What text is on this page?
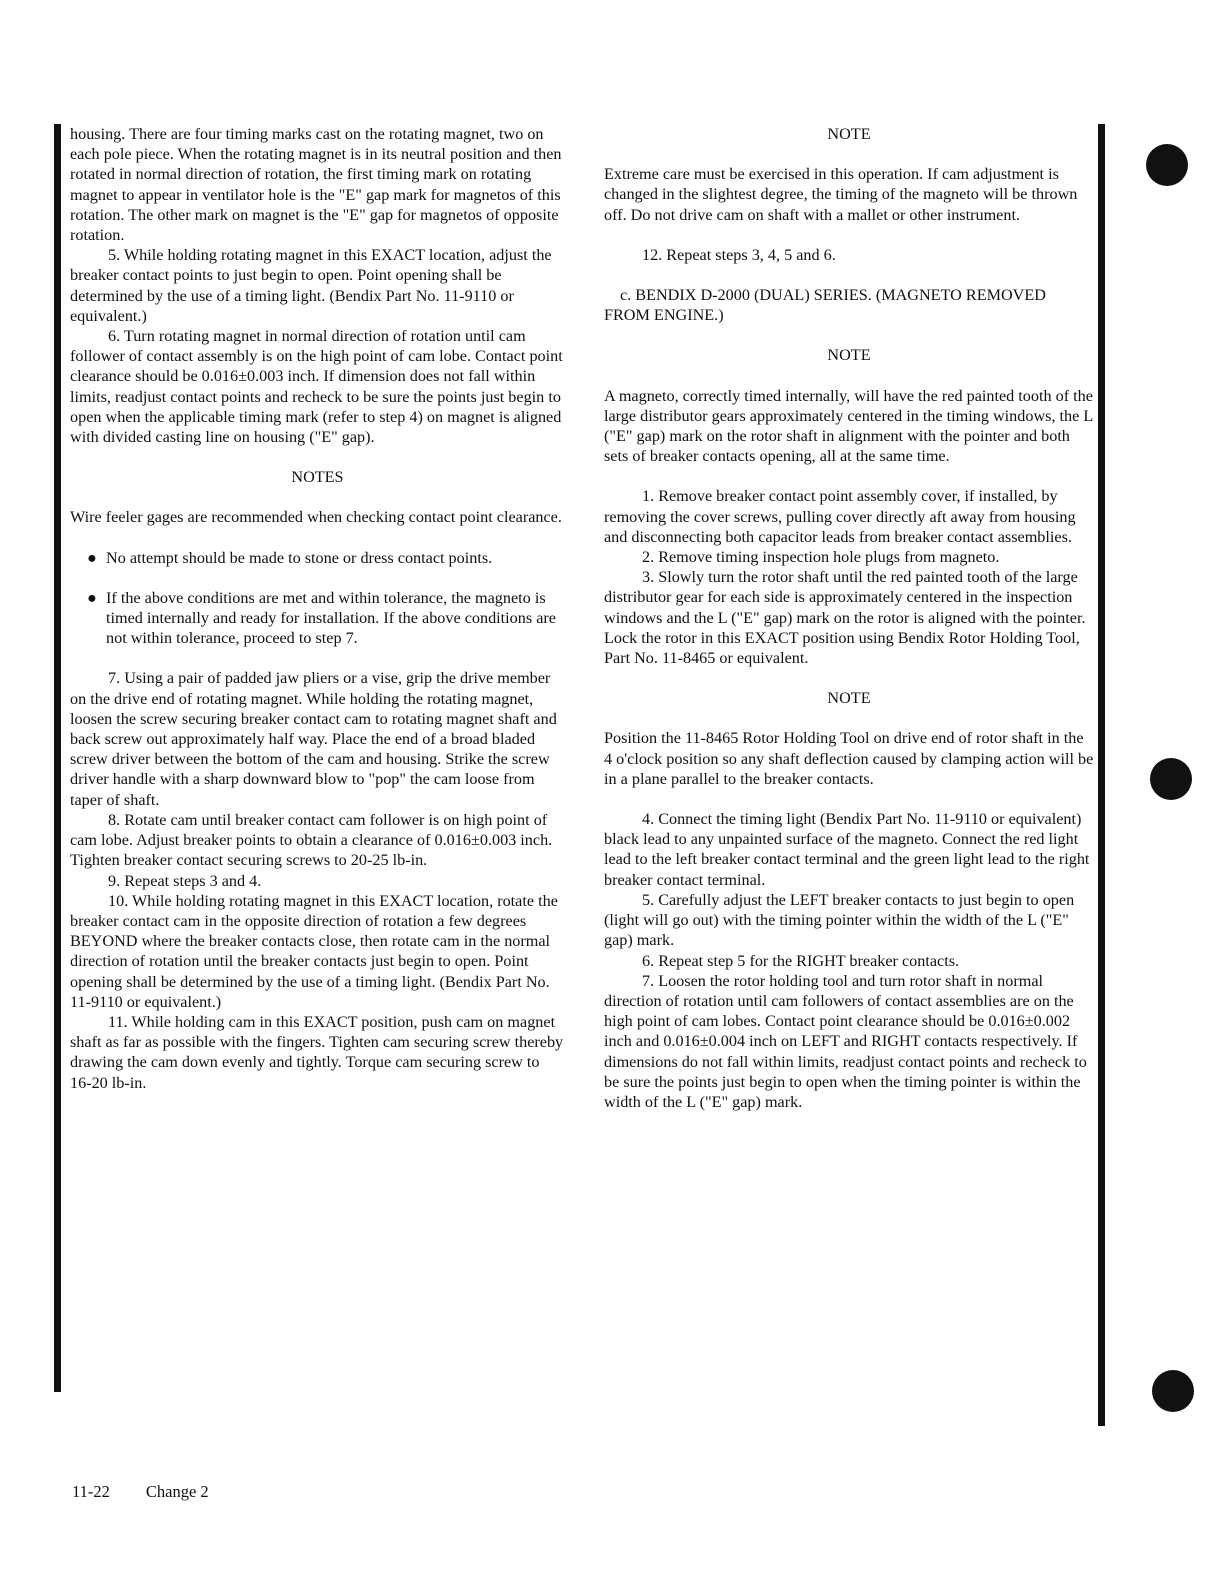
housing. There are four timing marks cast on the rotating magnet, two on each pole piece. When the rotating magnet is in its neutral position and then rotated in normal direction of rotation, the first timing mark on rotating magnet to appear in ventilator hole is the "E" gap mark for magnetos of this rotation. The other mark on magnet is the "E" gap for magnetos of opposite rotation.

5. While holding rotating magnet in this EXACT location, adjust the breaker contact points to just begin to open. Point opening shall be determined by the use of a timing light. (Bendix Part No. 11-9110 or equivalent.)

6. Turn rotating magnet in normal direction of rotation until cam follower of contact assembly is on the high point of cam lobe. Contact point clearance should be 0.016±0.003 inch. If dimension does not fall within limits, readjust contact points and recheck to be sure the points just begin to open when the applicable timing mark (refer to step 4) on magnet is aligned with divided casting line on housing ("E" gap).

NOTES

Wire feeler gages are recommended when checking contact point clearance.

● No attempt should be made to stone or dress contact points.
● If the above conditions are met and within tolerance, the magneto is timed internally and ready for installation. If the above conditions are not within tolerance, proceed to step 7.

7. Using a pair of padded jaw pliers or a vise, grip the drive member on the drive end of rotating magnet. While holding the rotating magnet, loosen the screw securing breaker contact cam to rotating magnet shaft and back screw out approximately half way. Place the end of a broad bladed screw driver between the bottom of the cam and housing. Strike the screw driver handle with a sharp downward blow to "pop" the cam loose from taper of shaft.

8. Rotate cam until breaker contact cam follower is on high point of cam lobe. Adjust breaker points to obtain a clearance of 0.016±0.003 inch. Tighten breaker contact securing screws to 20-25 lb-in.

9. Repeat steps 3 and 4.

10. While holding rotating magnet in this EXACT location, rotate the breaker contact cam in the opposite direction of rotation a few degrees BEYOND where the breaker contacts close, then rotate cam in the normal direction of rotation until the breaker contacts just begin to open. Point opening shall be determined by the use of a timing light. (Bendix Part No. 11-9110 or equivalent.)

11. While holding cam in this EXACT position, push cam on magnet shaft as far as possible with the fingers. Tighten cam securing screw thereby drawing the cam down evenly and tightly. Torque cam securing screw to 16-20 lb-in.

NOTE

Extreme care must be exercised in this operation. If cam adjustment is changed in the slightest degree, the timing of the magneto will be thrown off. Do not drive cam on shaft with a mallet or other instrument.

12. Repeat steps 3, 4, 5 and 6.

c. BENDIX D-2000 (DUAL) SERIES. (MAGNETO REMOVED FROM ENGINE.)

NOTE

A magneto, correctly timed internally, will have the red painted tooth of the large distributor gears approximately centered in the timing windows, the L ("E" gap) mark on the rotor shaft in alignment with the pointer and both sets of breaker contacts opening, all at the same time.

1. Remove breaker contact point assembly cover, if installed, by removing the cover screws, pulling cover directly aft away from housing and disconnecting both capacitor leads from breaker contact assemblies.

2. Remove timing inspection hole plugs from magneto.

3. Slowly turn the rotor shaft until the red painted tooth of the large distributor gear for each side is approximately centered in the inspection windows and the L ("E" gap) mark on the rotor is aligned with the pointer. Lock the rotor in this EXACT position using Bendix Rotor Holding Tool, Part No. 11-8465 or equivalent.

NOTE

Position the 11-8465 Rotor Holding Tool on drive end of rotor shaft in the 4 o'clock position so any shaft deflection caused by clamping action will be in a plane parallel to the breaker contacts.

4. Connect the timing light (Bendix Part No. 11-9110 or equivalent) black lead to any unpainted surface of the magneto. Connect the red light lead to the left breaker contact terminal and the green light lead to the right breaker contact terminal.

5. Carefully adjust the LEFT breaker contacts to just begin to open (light will go out) with the timing pointer within the width of the L ("E" gap) mark.

6. Repeat step 5 for the RIGHT breaker contacts.

7. Loosen the rotor holding tool and turn rotor shaft in normal direction of rotation until cam followers of contact assemblies are on the high point of cam lobes. Contact point clearance should be 0.016±0.002 inch and 0.016±0.004 inch on LEFT and RIGHT contacts respectively. If dimensions do not fall within limits, readjust contact points and recheck to be sure the points just begin to open when the timing pointer is within the width of the L ("E" gap) mark.

11-22 Change 2
